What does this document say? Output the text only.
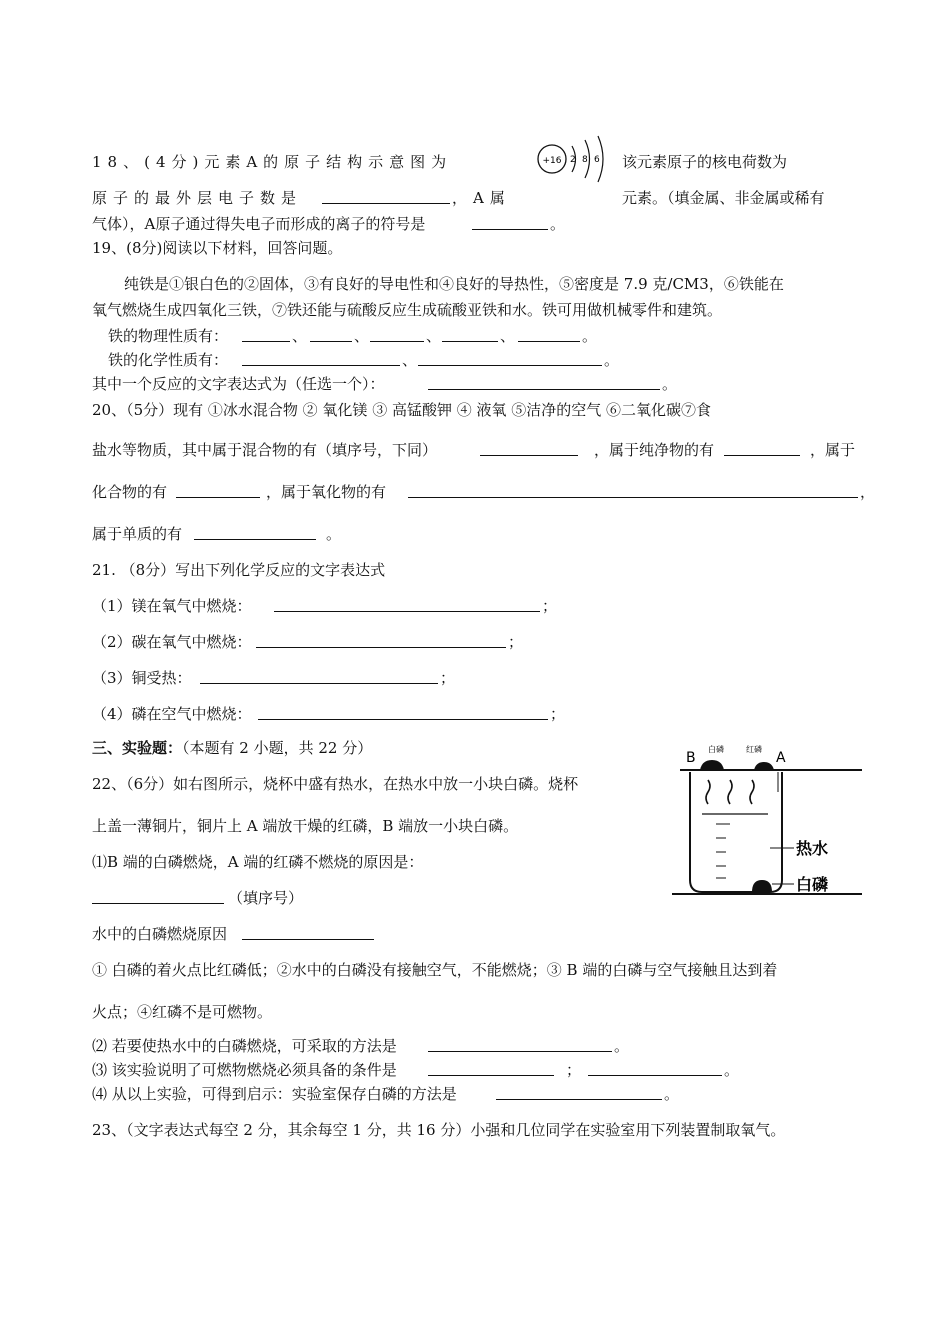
18、(4分)元素A的原子结构示意图为	+16 2 8 6 该元素原子的核电荷数为
原子的最外层电子数是	，A属	元素。（填金属、非金属或稀有
气体），A原子通过得失电子而形成的离子的符号是	。
19、(8分)阅读以下材料，回答问题。
纯铁是①银白色的②固体，③有良好的导电性和④良好的导热性，⑤密度是 7.9 克/CM3，⑥铁能在
氧气燃烧生成四氧化三铁，⑦铁还能与硫酸反应生成硫酸亚铁和水。铁可用做机械零件和建筑。
铁的物理性质有：	、	、	、	、	。
铁的化学性质有：	、	。
其中一个反应的文字表达式为（任选一个）：	。
20、（5分）现有 ①冰水混合物 ② 氧化镁 ③ 高锰酸钾 ④ 液氧 ⑤洁净的空气 ⑥二氧化碳⑦食
盐水等物质，其中属于混合物的有（填序号，下同）	，属于纯净物的有	，属于
化合物的有	，属于氧化物的有	，
属于单质的有	。
21. （8分）写出下列化学反应的文字表达式
（1）镁在氧气中燃烧：	；
（2）碳在氧气中燃烧：	；
（3）铜受热：	；
（4）磷在空气中燃烧：	；
三、实验题：（本题有 2 小题，共 22 分）
22、（6分）如右图所示，烧杯中盛有热水，在热水中放一小块白磷。烧杯
上盖一薄铜片，铜片上 A 端放干燥的红磷，B 端放一小块白磷。
⑴B 端的白磷燃烧，A 端的红磷不燃烧的原因是：
（填序号）
水中的白磷燃烧原因
① 白磷的着火点比红磷低；②水中的白磷没有接触空气，不能燃烧；③ B 端的白磷与空气接触且达到着
火点；④红磷不是可燃物。
⑵ 若要使热水中的白磷燃烧，可采取的方法是	。
⑶ 该实验说明了可燃物燃烧必须具备的条件是	；	。
⑷ 从以上实验，可得到启示：实验室保存白磷的方法是	。
B	A
白磷	红磷
热水
白磷
23、（文字表达式每空 2 分，其余每空 1 分，共 16 分）小强和几位同学在实验室用下列装置制取氧气。
